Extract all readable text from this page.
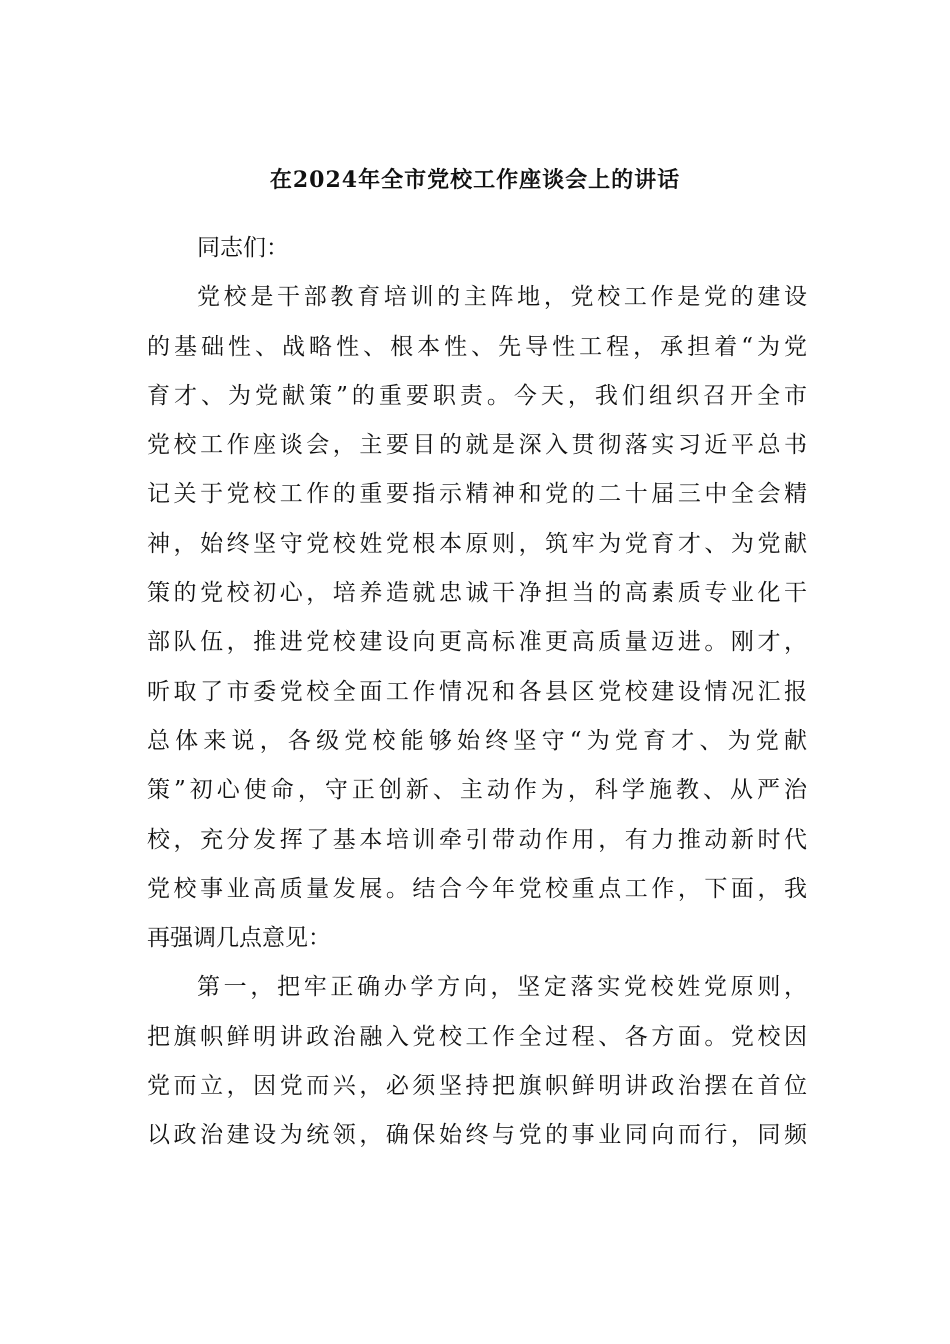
在2024年全市党校工作座谈会上的讲话
同志们：
党校是干部教育培训的主阵地，党校工作是党的建设
的基础性、战略性、根本性、先导性工程，承担着“为党
育才、为党献策”的重要职责。今天，我们组织召开全市
党校工作座谈会，主要目的就是深入贯彻落实习近平总书
记关于党校工作的重要指示精神和党的二十届三中全会精
神，始终坚守党校姓党根本原则，筑牢为党育才、为党献
策的党校初心，培养造就忠诚干净担当的高素质专业化干
部队伍，推进党校建设向更高标准更高质量迈进。刚才，
听取了市委党校全面工作情况和各县区党校建设情况汇报
总体来说，各级党校能够始终坚守“为党育才、为党献
策”初心使命，守正创新、主动作为，科学施教、从严治
校，充分发挥了基本培训牵引带动作用，有力推动新时代
党校事业高质量发展。结合今年党校重点工作，下面，我
再强调几点意见：
第一，把牢正确办学方向，坚定落实党校姓党原则，
把旗帜鲜明讲政治融入党校工作全过程、各方面。党校因
党而立，因党而兴，必须坚持把旗帜鲜明讲政治摆在首位
以政治建设为统领，确保始终与党的事业同向而行，同频
